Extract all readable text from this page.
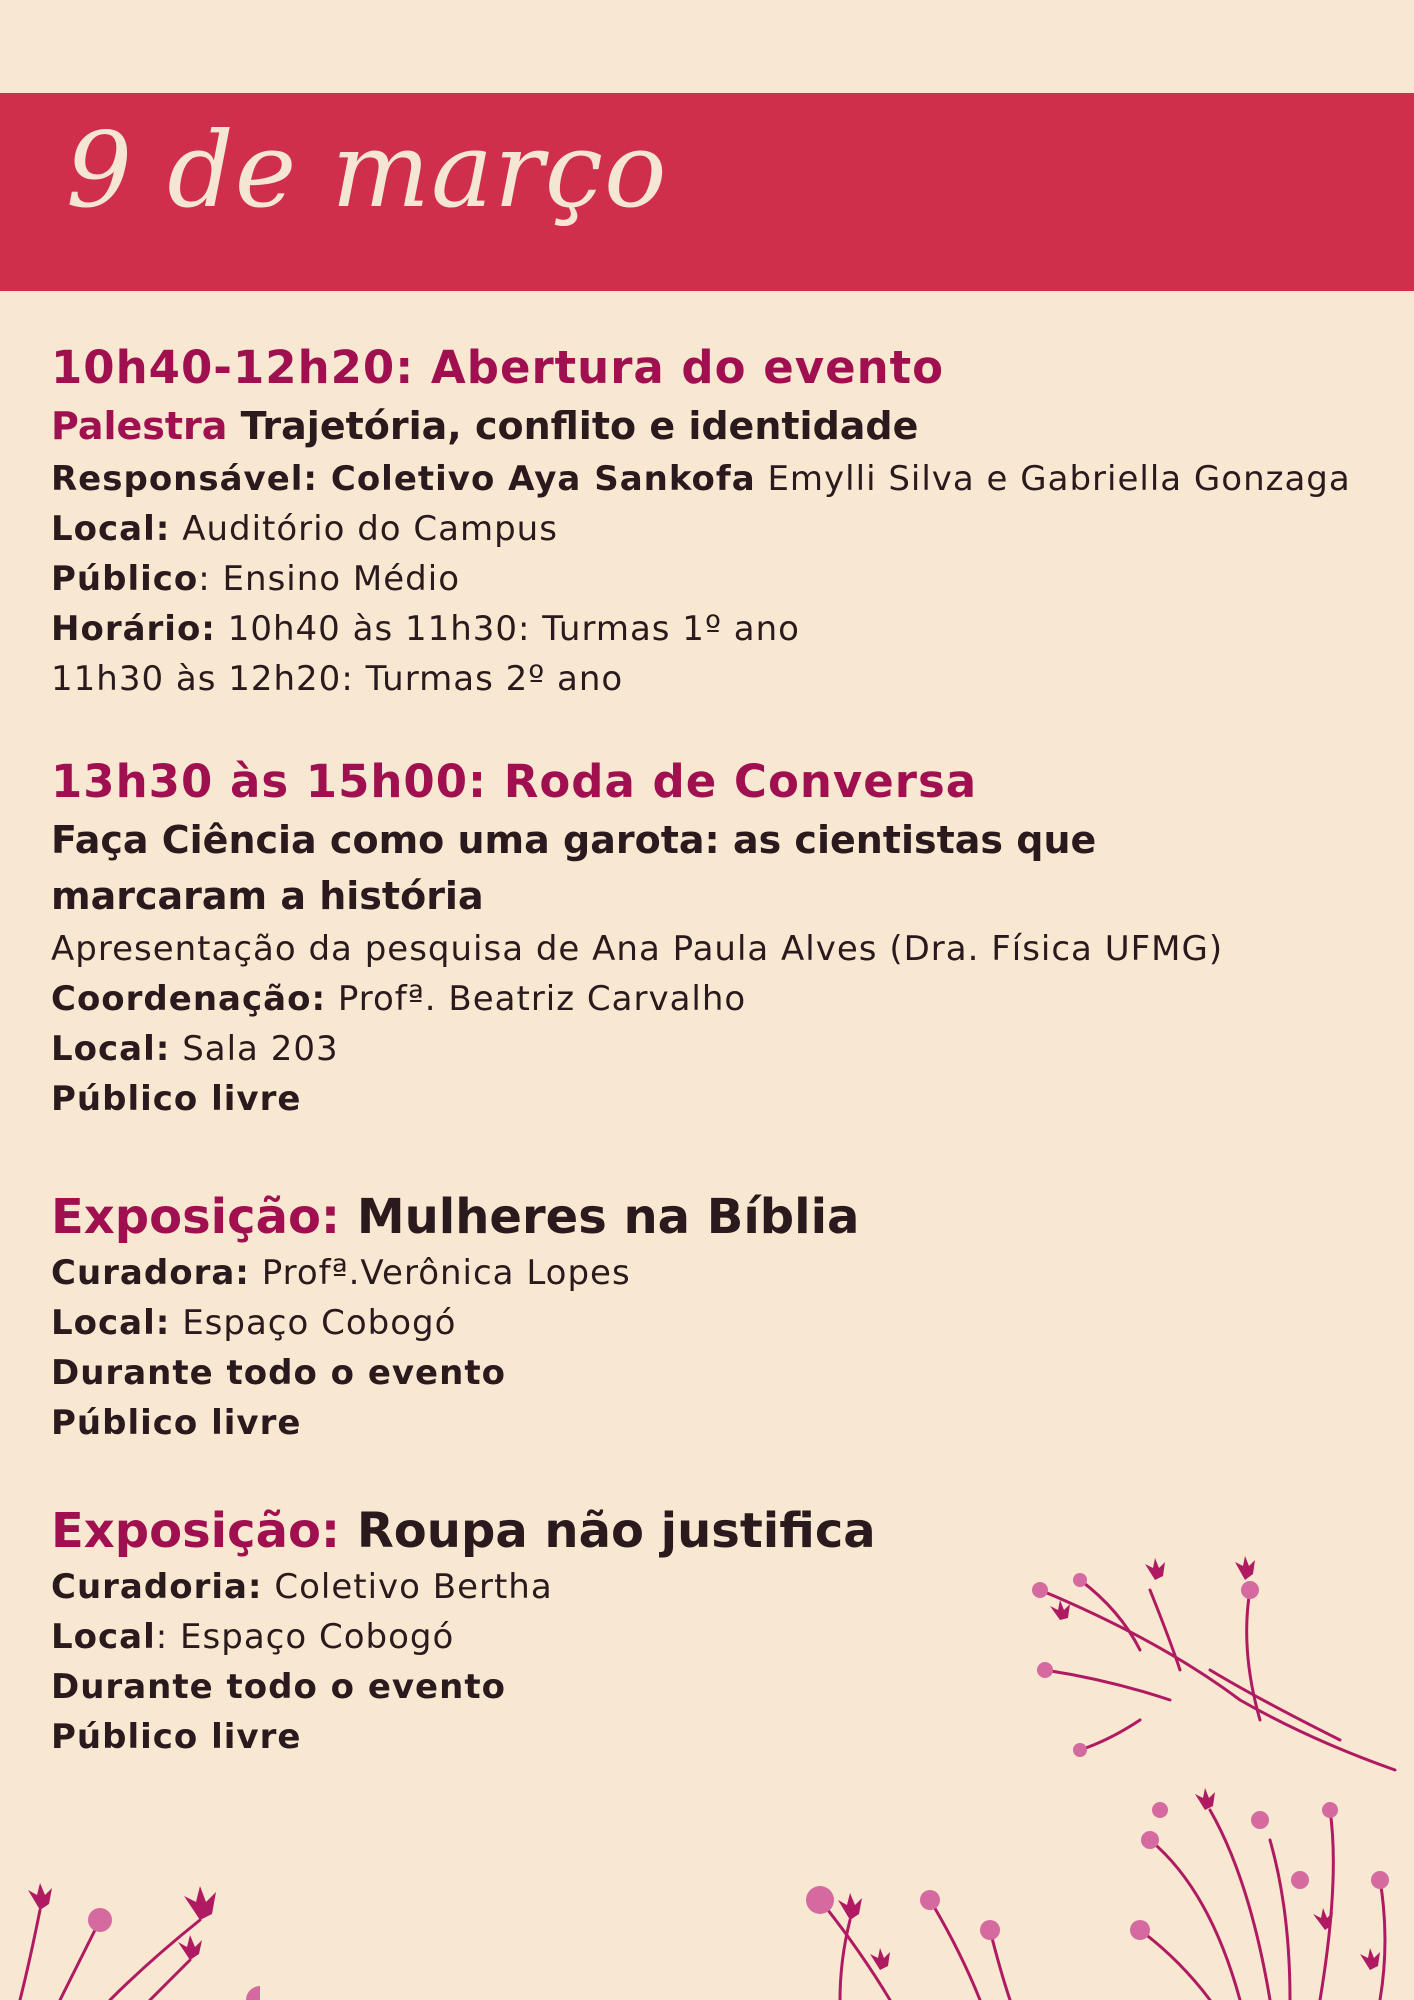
9 de março
10h40-12h20: Abertura do evento
Palestra Trajetória, conflito e identidade
Responsável: Coletivo Aya Sankofa Emylli Silva e Gabriella Gonzaga
Local: Auditório do Campus
Público: Ensino Médio
Horário: 10h40 às 11h30: Turmas 1º ano
11h30 às 12h20: Turmas 2º ano
13h30 às 15h00: Roda de Conversa
Faça Ciência como uma garota: as cientistas que
marcaram a história
Apresentação da pesquisa de Ana Paula Alves (Dra. Física UFMG)
Coordenação: Profª. Beatriz Carvalho
Local: Sala 203
Público livre
Exposição: Mulheres na Bíblia
Curadora: Profª.Verônica Lopes
Local: Espaço Cobogó
Durante todo o evento
Público livre
Exposição: Roupa não justifica
Curadoria: Coletivo Bertha
Local: Espaço Cobogó
Durante todo o evento
Público livre
